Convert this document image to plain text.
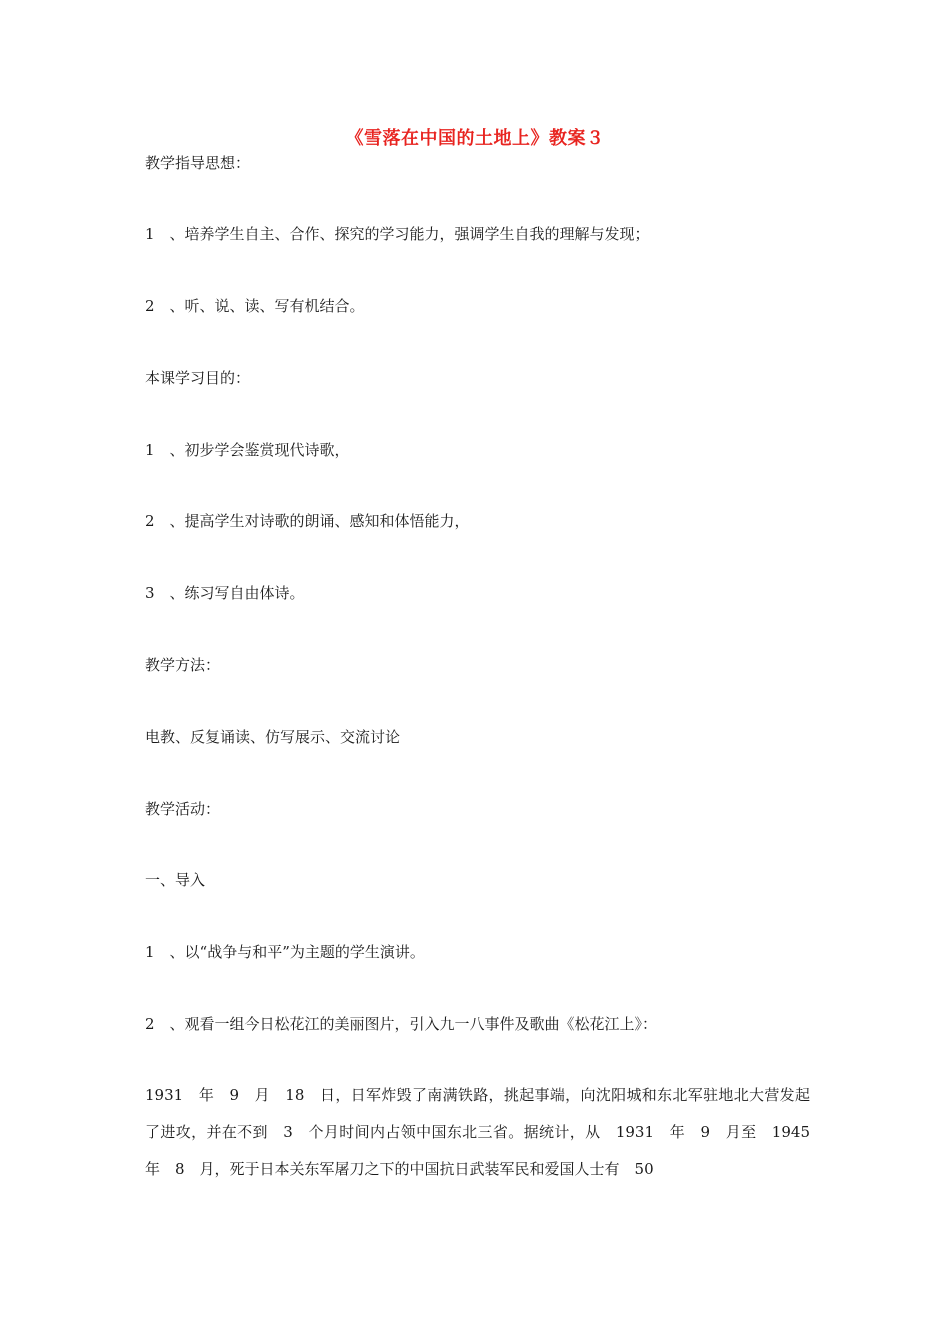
《雪落在中国的土地上》教案３
教学指导思想：
1　、培养学生自主、合作、探究的学习能力，强调学生自我的理解与发现；
2　、听、说、读、写有机结合。
本课学习目的：
1　、初步学会鉴赏现代诗歌，
2　、提高学生对诗歌的朗诵、感知和体悟能力，
3　、练习写自由体诗。
教学方法：
电教、反复诵读、仿写展示、交流讨论
教学活动：
一、导入
1　、以“战争与和平”为主题的学生演讲。
2　、观看一组今日松花江的美丽图片，引入九一八事件及歌曲《松花江上》：
1931　年　9　月　18　日，日军炸毁了南满铁路，挑起事端，向沈阳城和东北军驻地北大营发起了进攻，并在不到　3　个月时间内占领中国东北三省。据统计，从　1931　年　9　月至　1945　年　8　月，死于日本关东军屠刀之下的中国抗日武装军民和爱国人士有　50
